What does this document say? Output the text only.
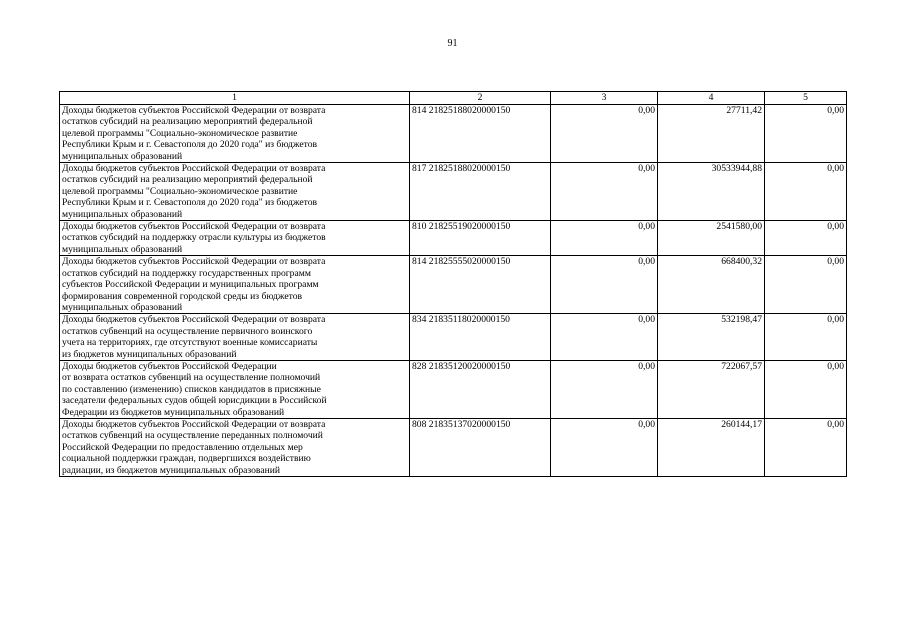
91
1	2	3	4	5
Доходы бюджетов субъектов Российской Федерации от возврата
остатков субсидий на реализацию мероприятий федеральной
целевой программы "Социально-экономическое развитие
Республики Крым и г. Севастополя до 2020 года" из бюджетов
муниципальных образований	814 21825188020000150	0,00	27711,42	0,00
Доходы бюджетов субъектов Российской Федерации от возврата
остатков субсидий на реализацию мероприятий федеральной
целевой программы "Социально-экономическое развитие
Республики Крым и г. Севастополя до 2020 года" из бюджетов
муниципальных образований	817 21825188020000150	0,00	30533944,88	0,00
Доходы бюджетов субъектов Российской Федерации от возврата
остатков субсидий на поддержку отрасли культуры из бюджетов
муниципальных образований	810 21825519020000150	0,00	2541580,00	0,00
Доходы бюджетов субъектов Российской Федерации от возврата
остатков субсидий на поддержку государственных программ
субъектов Российской Федерации и муниципальных программ
формирования современной городской среды из бюджетов
муниципальных образований	814 21825555020000150	0,00	668400,32	0,00
Доходы бюджетов субъектов Российской Федерации от возврата
остатков субвенций на осуществление первичного воинского
учета на территориях, где отсутствуют военные комиссариаты
из бюджетов муниципальных образований	834 21835118020000150	0,00	532198,47	0,00
Доходы бюджетов субъектов Российской Федерации
от возврата остатков субвенций на осуществление полномочий
по составлению (изменению) списков кандидатов в присяжные
заседатели федеральных судов общей юрисдикции в Российской
Федерации из бюджетов муниципальных образований	828 21835120020000150	0,00	722067,57	0,00
Доходы бюджетов субъектов Российской Федерации от возврата
остатков субвенций на осуществление переданных полномочий
Российской Федерации по предоставлению отдельных мер
социальной поддержки граждан, подвергшихся воздействию
радиации, из бюджетов муниципальных образований	808 21835137020000150	0,00	260144,17	0,00
